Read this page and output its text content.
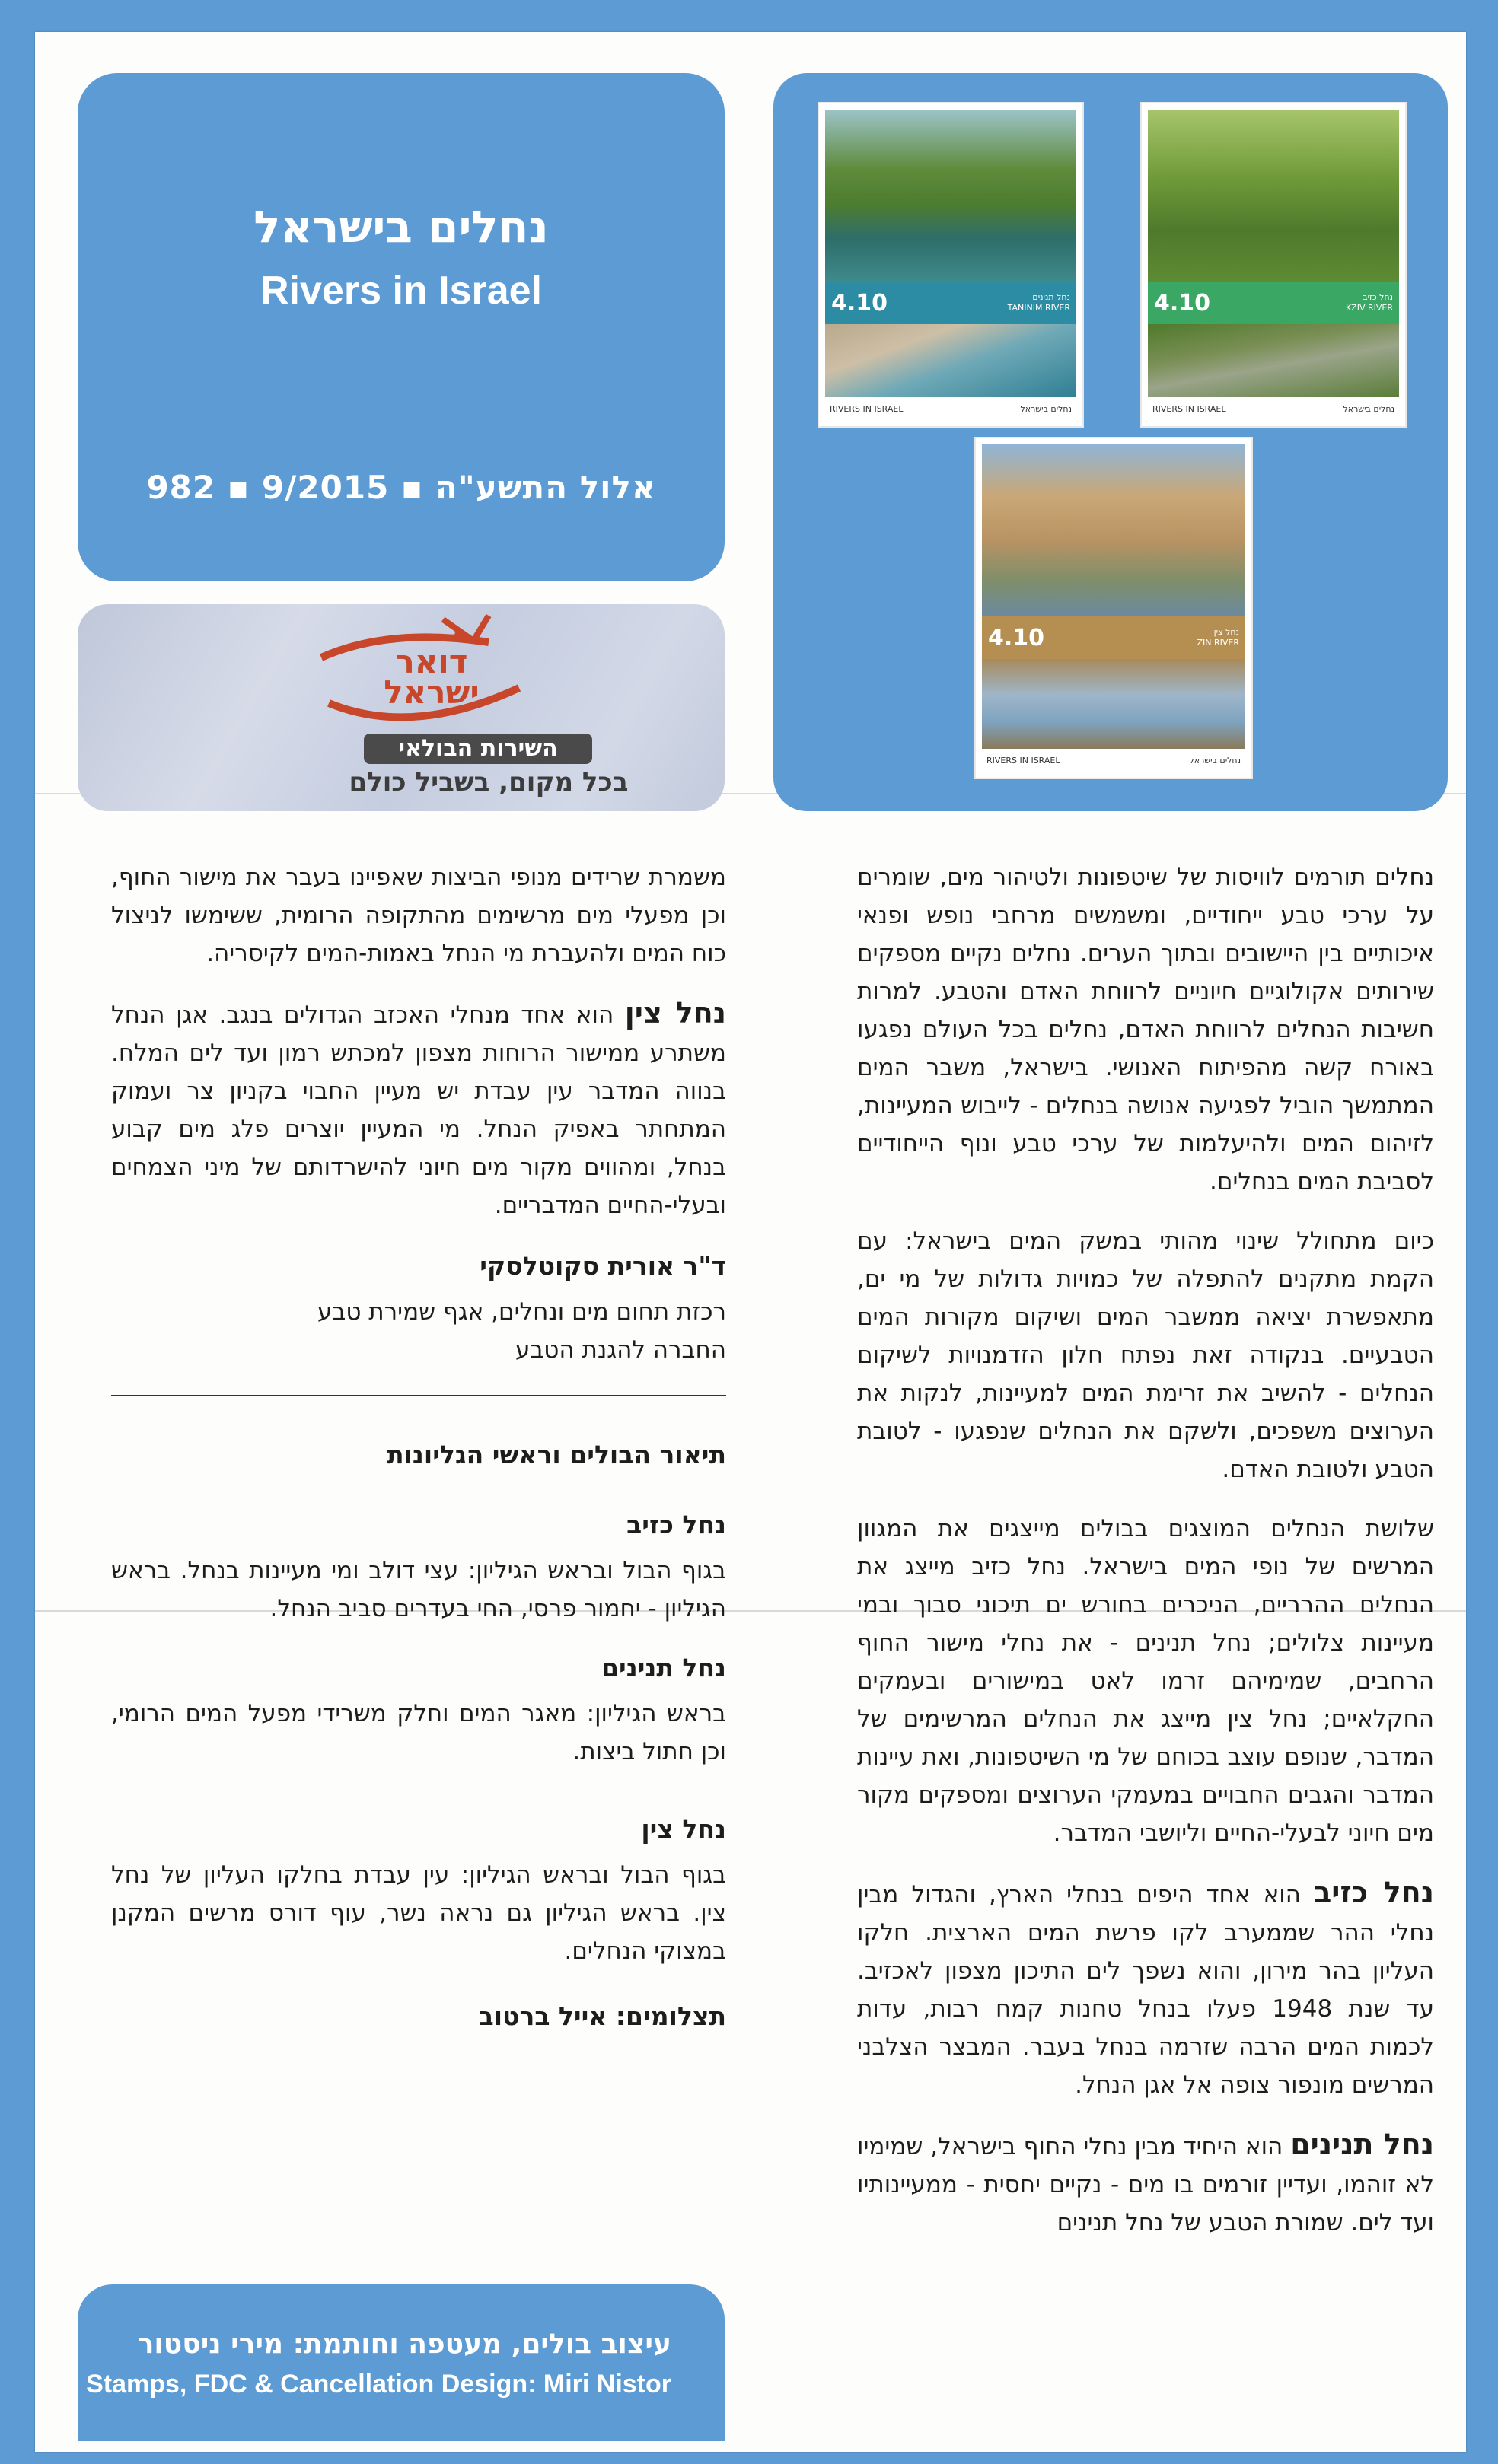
נחלים בישראל
Rivers in Israel
982 ▪ 9/2015 ▪ אלול התשע"ה
דואר
ישראל
השירות הבולאי
בכל מקום, בשביל כולם
4.10	נחל תנינים
TANINIM RIVER
RIVERS IN ISRAEL	נחלים בישראל
4.10	נחל כזיב
KZIV RIVER
RIVERS IN ISRAEL	נחלים בישראל
4.10	נחל צין
ZIN RIVER
RIVERS IN ISRAEL	נחלים בישראל

נחלים תורמים לוויסות של שיטפונות ולטיהור מים, שומרים על ערכי טבע ייחודיים, ומשמשים מרחבי נופש ופנאי איכותיים בין היישובים ובתוך הערים. נחלים נקיים מספקים שירותים אקולוגיים חיוניים לרווחת האדם והטבע. למרות חשיבות הנחלים לרווחת האדם, נחלים בכל העולם נפגעו באורח קשה מהפיתוח האנושי. בישראל, משבר המים המתמשך הוביל לפגיעה אנושה בנחלים - לייבוש המעיינות, לזיהום המים ולהיעלמות של ערכי טבע ונוף הייחודיים לסביבת המים בנחלים.

כיום מתחולל שינוי מהותי במשק המים בישראל: עם הקמת מתקנים להתפלה של כמויות גדולות של מי ים, מתאפשרת יציאה ממשבר המים ושיקום מקורות המים הטבעיים. בנקודה זאת נפתח חלון הזדמנויות לשיקום הנחלים - להשיב את זרימת המים למעיינות, לנקות את הערוצים משפכים, ולשקם את הנחלים שנפגעו - לטובת הטבע ולטובת האדם.

שלושת הנחלים המוצגים בבולים מייצגים את המגוון המרשים של נופי המים בישראל. נחל כזיב מייצג את הנחלים ההרריים, הניכרים בחורש ים תיכוני סבוך ובמי מעיינות צלולים; נחל תנינים - את נחלי מישור החוף הרחבים, שמימיהם זרמו לאט במישורים ובעמקים החקלאיים; נחל צין מייצג את הנחלים המרשימים של המדבר, שנופם עוצב בכוחם של מי השיטפונות, ואת עיינות המדבר והגבים החבויים במעמקי הערוצים ומספקים מקור מים חיוני לבעלי-החיים וליושבי המדבר.

נחל כזיב הוא אחד היפים בנחלי הארץ, והגדול מבין נחלי ההר שממערב לקו פרשת המים הארצית. חלקו העליון בהר מירון, והוא נשפך לים התיכון מצפון לאכזיב. עד שנת 1948 פעלו בנחל טחנות קמח רבות, עדות לכמות המים הרבה שזרמה בנחל בעבר. המבצר הצלבני המרשים מונפור צופה אל אגן הנחל.

נחל תנינים הוא היחיד מבין נחלי החוף בישראל, שמימיו לא זוהמו, ועדיין זורמים בו מים - נקיים יחסית - ממעיינותיו ועד לים. שמורת הטבע של נחל תנינים

משמרת שרידים מנופי הביצות שאפיינו בעבר את מישור החוף, וכן מפעלי מים מרשימים מהתקופה הרומית, ששימשו לניצול כוח המים ולהעברת מי הנחל באמות-המים לקיסריה.

נחל צין הוא אחד מנחלי האכזב הגדולים בנגב. אגן הנחל משתרע ממישור הרוחות מצפון למכתש רמון ועד לים המלח. בנווה המדבר עין עבדת יש מעיין החבוי בקניון צר ועמוק המתחתר באפיק הנחל. מי המעיין יוצרים פלג מים קבוע בנחל, ומהווים מקור מים חיוני להישרדותם של מיני הצמחים ובעלי-החיים המדבריים.

ד"ר אורית סקוטלסקי
רכזת תחום מים ונחלים, אגף שמירת טבע
החברה להגנת הטבע
תיאור הבולים וראשי הגליונות
נחל כזיב

בגוף הבול ובראש הגיליון: עצי דולב ומי מעיינות בנחל. בראש הגיליון - יחמור פרסי, החי בעדרים סביב הנחל.

נחל תנינים

בראש הגיליון: מאגר המים וחלק משרידי מפעל המים הרומי, וכן חתול ביצות.

נחל צין

בגוף הבול ובראש הגיליון: עין עבדת בחלקו העליון של נחל צין. בראש הגיליון גם נראה נשר, עוף דורס מרשים המקנן במצוקי הנחלים.

תצלומים: אייל ברטוב
עיצוב בולים, מעטפה וחותמת: מירי ניסטור
Stamps, FDC & Cancellation Design: Miri Nistor
